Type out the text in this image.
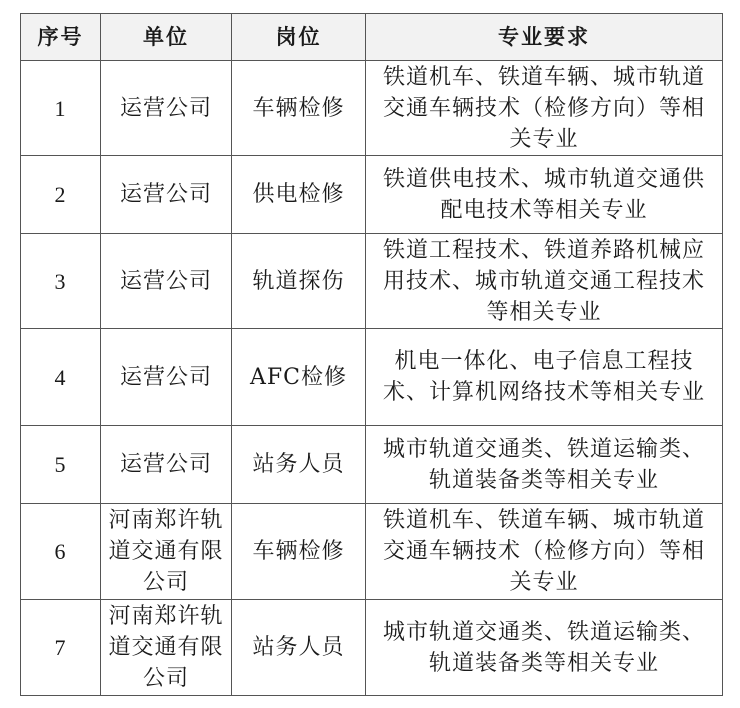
序号	单位	岗位	专业要求
1	运营公司	车辆检修	铁道机车、铁道车辆、城市轨道交通车辆技术（检修方向）等相关专业
2	运营公司	供电检修	铁道供电技术、城市轨道交通供配电技术等相关专业
3	运营公司	轨道探伤	铁道工程技术、铁道养路机械应用技术、城市轨道交通工程技术等相关专业
4	运营公司	AFC检修	机电一体化、电子信息工程技术、计算机网络技术等相关专业
5	运营公司	站务人员	城市轨道交通类、铁道运输类、轨道装备类等相关专业
6	河南郑许轨道交通有限公司	车辆检修	铁道机车、铁道车辆、城市轨道交通车辆技术（检修方向）等相关专业
7	河南郑许轨道交通有限公司	站务人员	城市轨道交通类、铁道运输类、轨道装备类等相关专业
